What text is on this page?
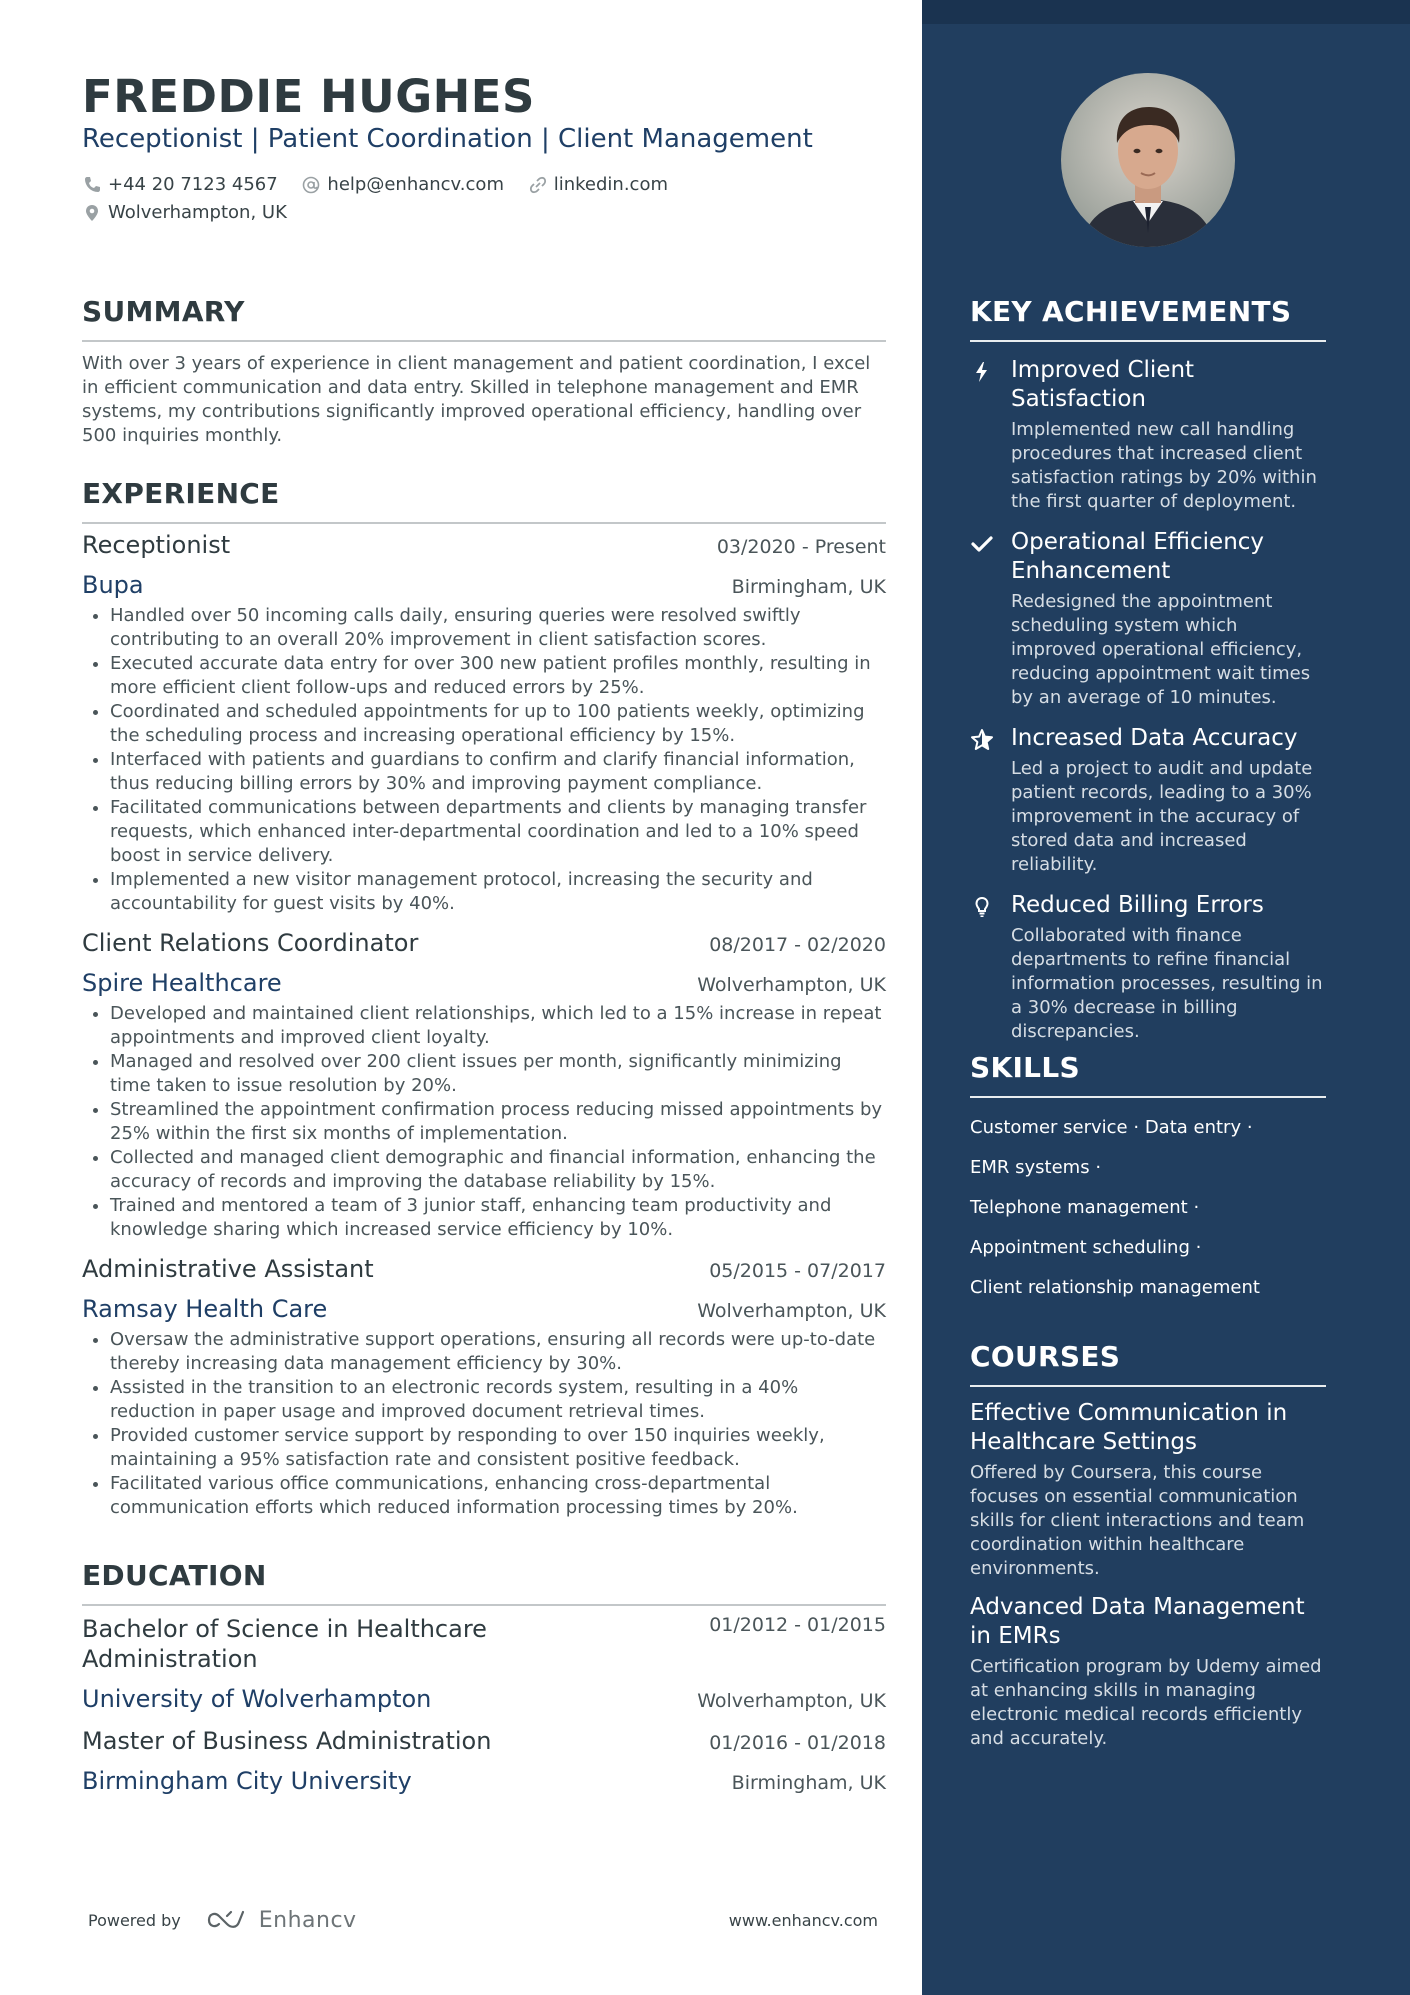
FREDDIE HUGHES
Receptionist | Patient Coordination | Client Management
+44 20 7123 4567
	help@enhancv.com
	linkedin.com
Wolverhampton, UK
SUMMARY
With over 3 years of experience in client management and patient coordination, I excel in efficient communication and data entry. Skilled in telephone management and EMR systems, my contributions significantly improved operational efficiency, handling over 500 inquiries monthly.
EXPERIENCE
Receptionist	03/2020 - Present
Bupa	Birmingham, UK
• Handled over 50 incoming calls daily, ensuring queries were resolved swiftly contributing to an overall 20% improvement in client satisfaction scores.
• Executed accurate data entry for over 300 new patient profiles monthly, resulting in more efficient client follow-ups and reduced errors by 25%.
• Coordinated and scheduled appointments for up to 100 patients weekly, optimizing the scheduling process and increasing operational efficiency by 15%.
• Interfaced with patients and guardians to confirm and clarify financial information, thus reducing billing errors by 30% and improving payment compliance.
• Facilitated communications between departments and clients by managing transfer requests, which enhanced inter-departmental coordination and led to a 10% speed boost in service delivery.
• Implemented a new visitor management protocol, increasing the security and accountability for guest visits by 40%.
Client Relations Coordinator	08/2017 - 02/2020
Spire Healthcare	Wolverhampton, UK
• Developed and maintained client relationships, which led to a 15% increase in repeat appointments and improved client loyalty.
• Managed and resolved over 200 client issues per month, significantly minimizing time taken to issue resolution by 20%.
• Streamlined the appointment confirmation process reducing missed appointments by 25% within the first six months of implementation.
• Collected and managed client demographic and financial information, enhancing the accuracy of records and improving the database reliability by 15%.
• Trained and mentored a team of 3 junior staff, enhancing team productivity and knowledge sharing which increased service efficiency by 10%.
Administrative Assistant	05/2015 - 07/2017
Ramsay Health Care	Wolverhampton, UK
• Oversaw the administrative support operations, ensuring all records were up-to-date thereby increasing data management efficiency by 30%.
• Assisted in the transition to an electronic records system, resulting in a 40% reduction in paper usage and improved document retrieval times.
• Provided customer service support by responding to over 150 inquiries weekly, maintaining a 95% satisfaction rate and consistent positive feedback.
• Facilitated various office communications, enhancing cross-departmental communication efforts which reduced information processing times by 20%.
EDUCATION
Bachelor of Science in Healthcare Administration
01/2012 - 01/2015
University of Wolverhampton	Wolverhampton, UK
Master of Business Administration	01/2016 - 01/2018
Birmingham City University	Birmingham, UK
Powered by	Enhancv	www.enhancv.com
KEY ACHIEVEMENTS
Improved Client Satisfaction
Implemented new call handling procedures that increased client satisfaction ratings by 20% within the first quarter of deployment.
Operational Efficiency Enhancement
Redesigned the appointment scheduling system which improved operational efficiency, reducing appointment wait times by an average of 10 minutes.
Increased Data Accuracy
Led a project to audit and update patient records, leading to a 30% improvement in the accuracy of stored data and increased reliability.
Reduced Billing Errors
Collaborated with finance departments to refine financial information processes, resulting in a 30% decrease in billing discrepancies.
SKILLS
Customer service · Data entry ·
EMR systems ·
Telephone management ·
Appointment scheduling ·
Client relationship management
COURSES
Effective Communication in Healthcare Settings
Offered by Coursera, this course focuses on essential communication skills for client interactions and team coordination within healthcare environments.
Advanced Data Management in EMRs
Certification program by Udemy aimed at enhancing skills in managing electronic medical records efficiently and accurately.
